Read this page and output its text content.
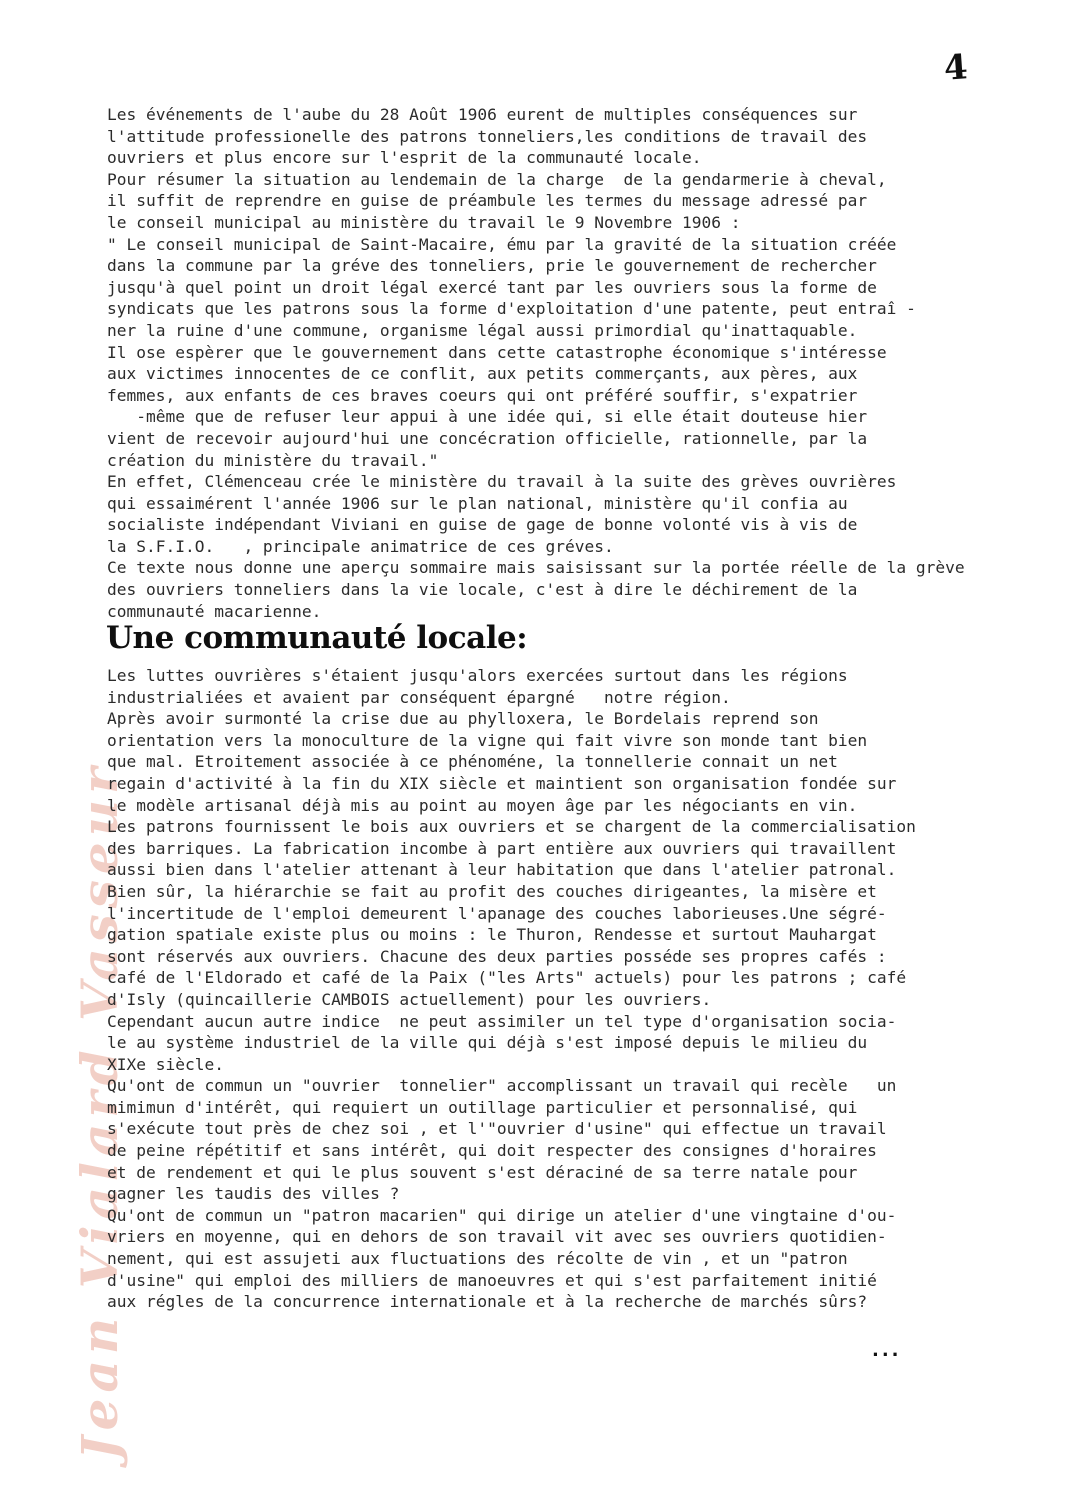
4
Jean Vialard Vasseur
Les événements de l'aube du 28 Août 1906 eurent de multiples conséquences sur
l'attitude professionelle des patrons tonneliers,les conditions de travail des
ouvriers et plus encore sur l'esprit de la communauté locale.
Pour résumer la situation au lendemain de la charge  de la gendarmerie à cheval,
il suffit de reprendre en guise de préambule les termes du message adressé par
le conseil municipal au ministère du travail le 9 Novembre 1906 :
" Le conseil municipal de Saint-Macaire, ému par la gravité de la situation créée
dans la commune par la gréve des tonneliers, prie le gouvernement de rechercher
jusqu'à quel point un droit légal exercé tant par les ouvriers sous la forme de
syndicats que les patrons sous la forme d'exploitation d'une patente, peut entraî -
ner la ruine d'une commune, organisme légal aussi primordial qu'inattaquable.
Il ose espèrer que le gouvernement dans cette catastrophe économique s'intéresse
aux victimes innocentes de ce conflit, aux petits commerçants, aux pères, aux
femmes, aux enfants de ces braves coeurs qui ont préféré souffir, s'expatrier
-même que de refuser leur appui à une idée qui, si elle était douteuse hier
vient de recevoir aujourd'hui une concécration officielle, rationnelle, par la
création du ministère du travail."
En effet, Clémenceau crée le ministère du travail à la suite des grèves ouvrières
qui essaimérent l'année 1906 sur le plan national, ministère qu'il confia au
socialiste indépendant Viviani en guise de gage de bonne volonté vis à vis de
la S.F.I.O.   , principale animatrice de ces gréves.
Ce texte nous donne une aperçu sommaire mais saisissant sur la portée réelle de la grève
des ouvriers tonneliers dans la vie locale, c'est à dire le déchirement de la
communauté macarienne.
Une communauté locale:
Les luttes ouvrières s'étaient jusqu'alors exercées surtout dans les régions
industrialiées et avaient par conséquent épargné   notre région.
Après avoir surmonté la crise due au phylloxera, le Bordelais reprend son
orientation vers la monoculture de la vigne qui fait vivre son monde tant bien
que mal. Etroitement associée à ce phénoméne, la tonnellerie connait un net
regain d'activité à la fin du XIX siècle et maintient son organisation fondée sur
le modèle artisanal déjà mis au point au moyen âge par les négociants en vin.
Les patrons fournissent le bois aux ouvriers et se chargent de la commercialisation
des barriques. La fabrication incombe à part entière aux ouvriers qui travaillent
aussi bien dans l'atelier attenant à leur habitation que dans l'atelier patronal.
Bien sûr, la hiérarchie se fait au profit des couches dirigeantes, la misère et
l'incertitude de l'emploi demeurent l'apanage des couches laborieuses.Une ségré-
gation spatiale existe plus ou moins : le Thuron, Rendesse et surtout Mauhargat
sont réservés aux ouvriers. Chacune des deux parties posséde ses propres cafés :
café de l'Eldorado et café de la Paix ("les Arts" actuels) pour les patrons ; café
d'Isly (quincaillerie CAMBOIS actuellement) pour les ouvriers.
Cependant aucun autre indice  ne peut assimiler un tel type d'organisation socia-
le au système industriel de la ville qui déjà s'est imposé depuis le milieu du
XIXe siècle.
Qu'ont de commun un "ouvrier  tonnelier" accomplissant un travail qui recèle   un
mimimun d'intérêt, qui requiert un outillage particulier et personnalisé, qui
s'exécute tout près de chez soi , et l'"ouvrier d'usine" qui effectue un travail
de peine répétitif et sans intérêt, qui doit respecter des consignes d'horaires
et de rendement et qui le plus souvent s'est déraciné de sa terre natale pour
gagner les taudis des villes ?
Qu'ont de commun un "patron macarien" qui dirige un atelier d'une vingtaine d'ou-
vriers en moyenne, qui en dehors de son travail vit avec ses ouvriers quotidien-
nement, qui est assujeti aux fluctuations des récolte de vin , et un "patron
d'usine" qui emploi des milliers de manoeuvres et qui s'est parfaitement initié
aux régles de la concurrence internationale et à la recherche de marchés sûrs?
...
